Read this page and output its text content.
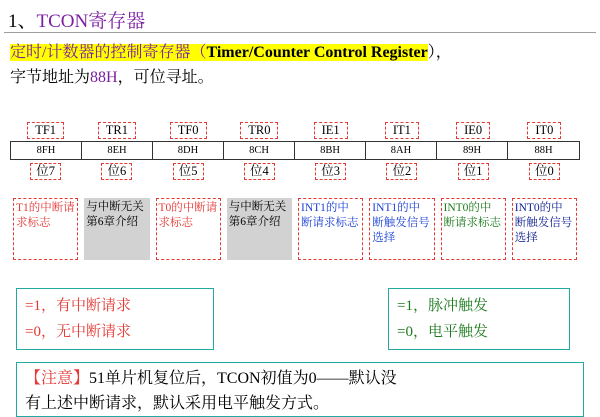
1、TCON寄存器
定时/计数器的控制寄存器（Timer/Counter Control Register），
字节地址为88H，可位寻址。
TF1	TR1	TF0	TR0	IE1	IT1	IE0	IT0
8FH	8EH	8DH	8CH	8BH	8AH	89H	88H
位7	位6	位5	位4	位3	位2	位1	位0
T1的中断请求标志
与中断无关第6章介绍
T0的中断请求标志
与中断无关第6章介绍
INT1的中断请求标志
INT1的中断触发信号选择
INT0的中断请求标志
INT0的中断触发信号选择
=1，有中断请求
=0，无中断请求
=1，脉冲触发
=0，电平触发
【注意】51单片机复位后，TCON初值为0——默认没
有上述中断请求，默认采用电平触发方式。
